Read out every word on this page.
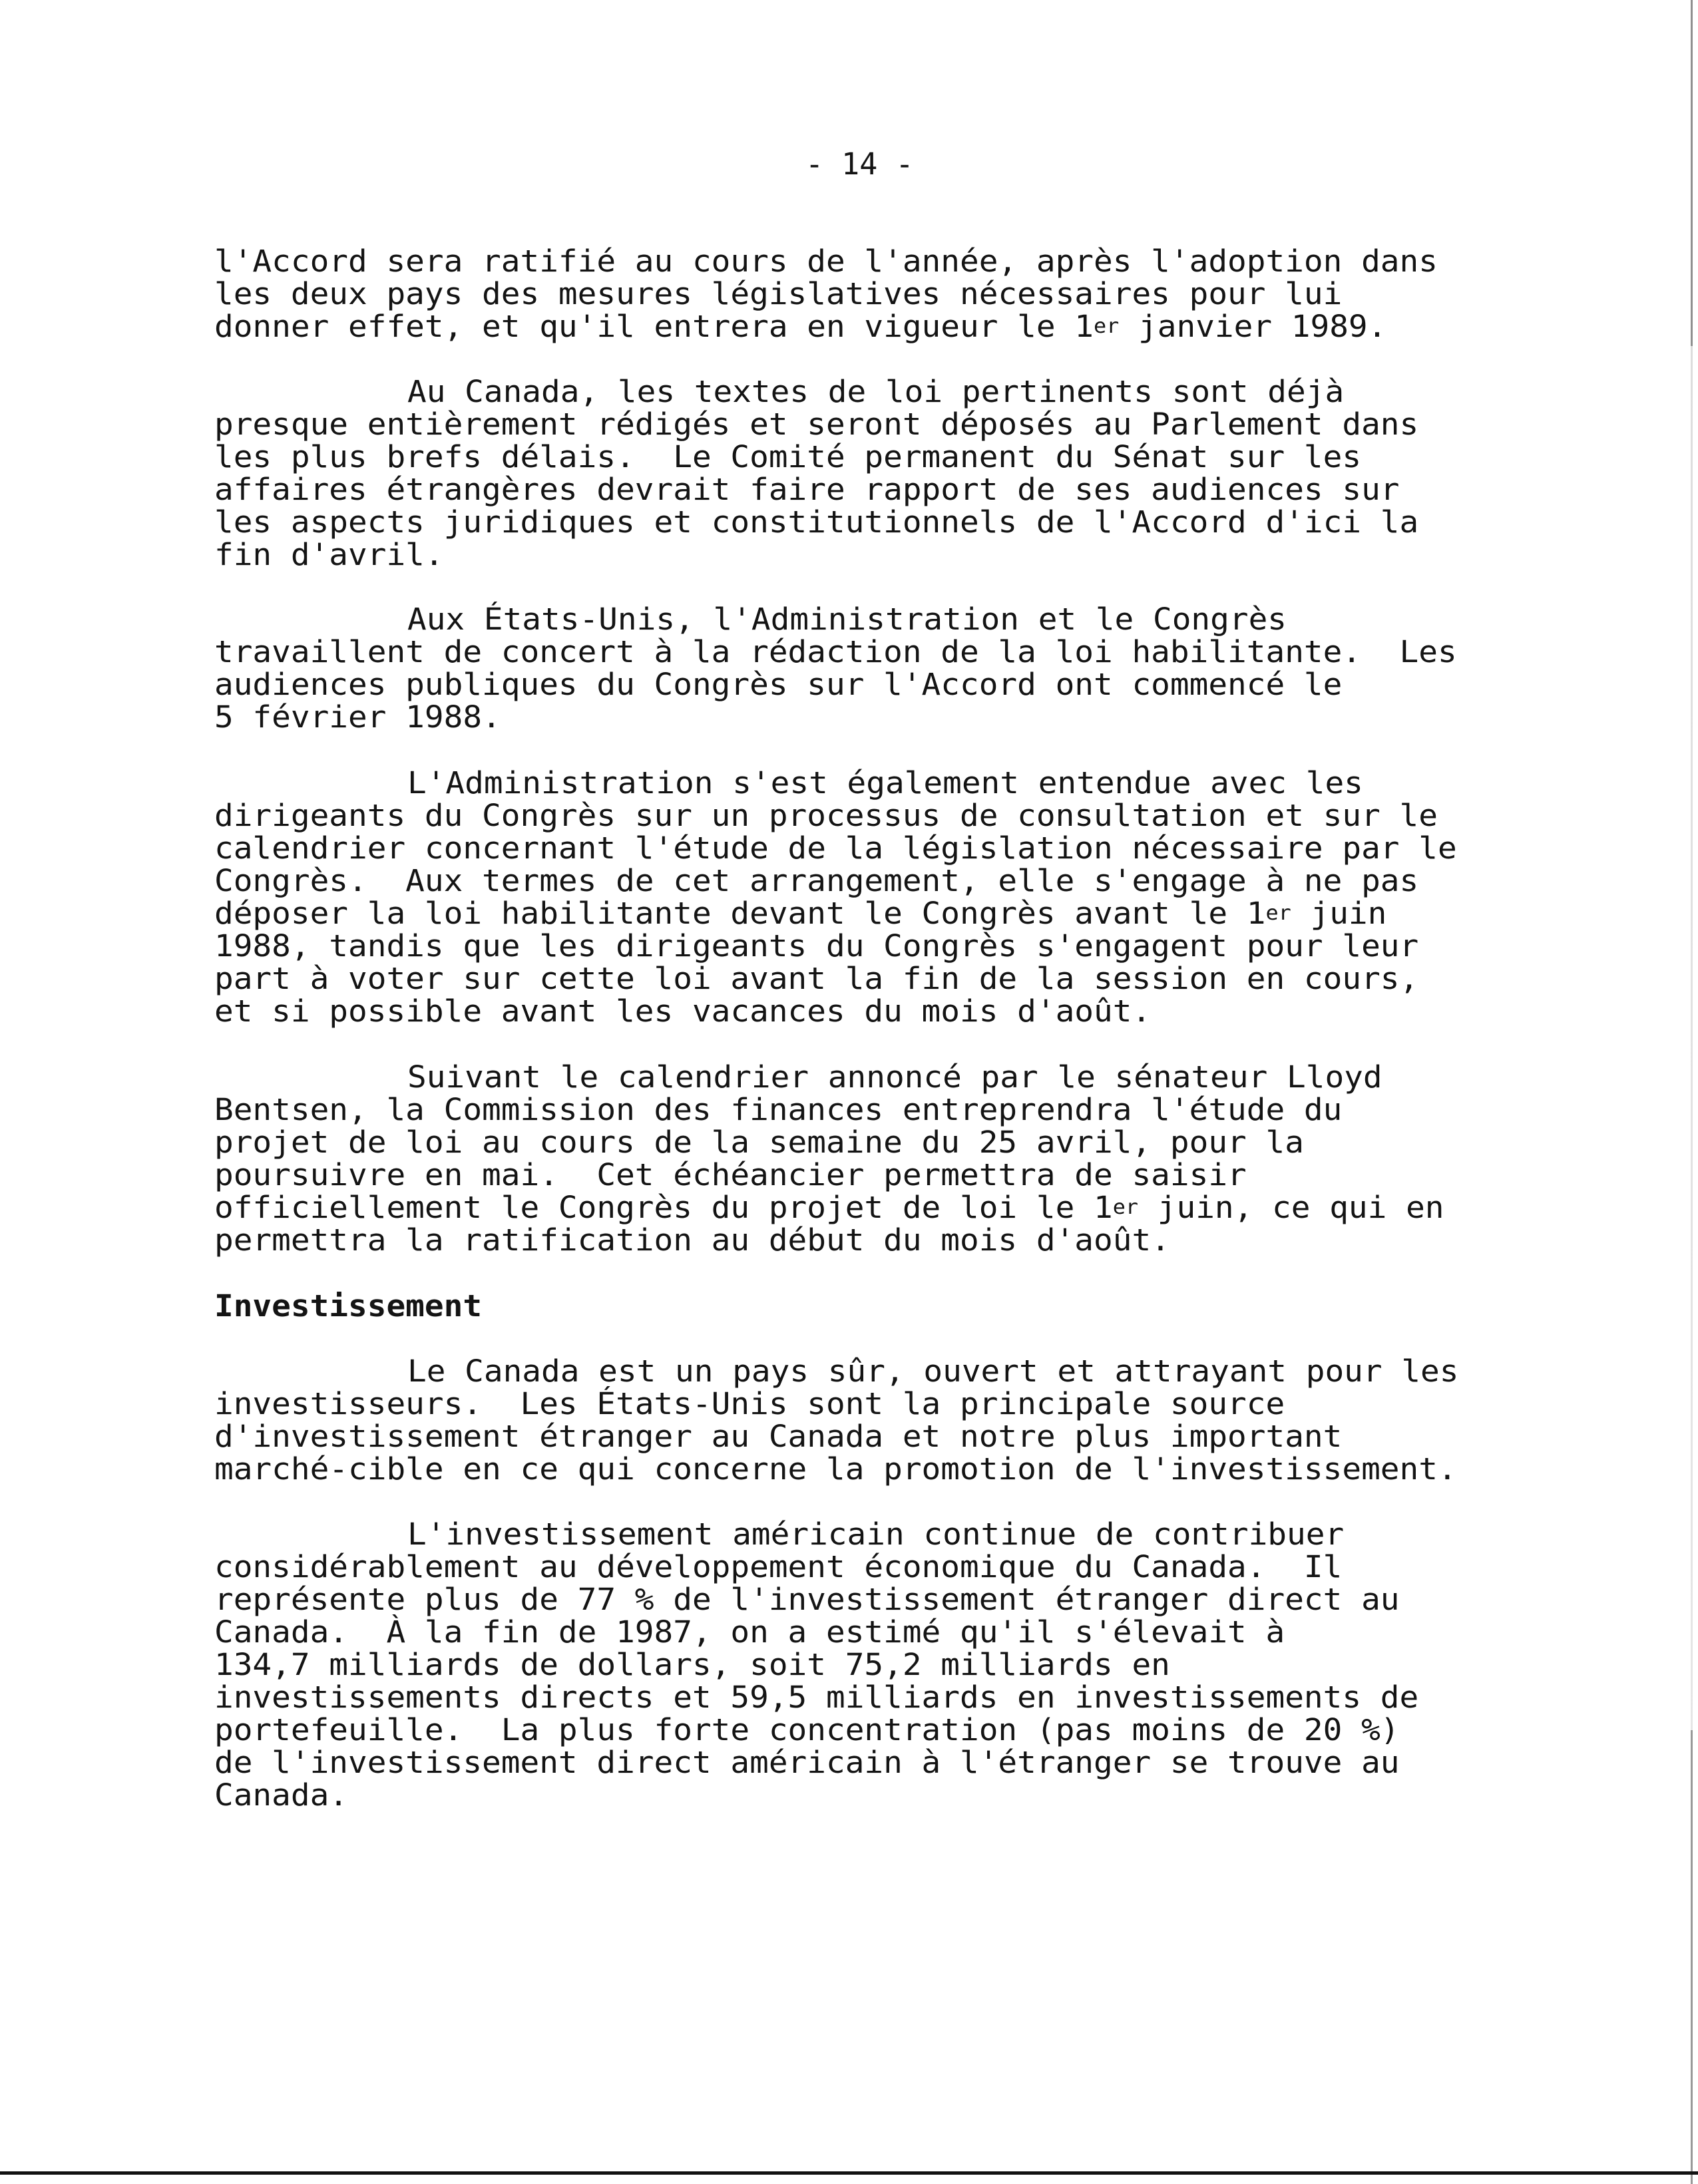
- 14 -
l'Accord sera ratifié au cours de l'année, après l'adoption dans
les deux pays des mesures législatives nécessaires pour lui
donner effet, et qu'il entrera en vigueur le 1er janvier 1989.
Au Canada, les textes de loi pertinents sont déjà
presque entièrement rédigés et seront déposés au Parlement dans
les plus brefs délais.  Le Comité permanent du Sénat sur les
affaires étrangères devrait faire rapport de ses audiences sur
les aspects juridiques et constitutionnels de l'Accord d'ici la
fin d'avril.
Aux États-Unis, l'Administration et le Congrès
travaillent de concert à la rédaction de la loi habilitante.  Les
audiences publiques du Congrès sur l'Accord ont commencé le
5 février 1988.
L'Administration s'est également entendue avec les
dirigeants du Congrès sur un processus de consultation et sur le
calendrier concernant l'étude de la législation nécessaire par le
Congrès.  Aux termes de cet arrangement, elle s'engage à ne pas
déposer la loi habilitante devant le Congrès avant le 1er juin
1988, tandis que les dirigeants du Congrès s'engagent pour leur
part à voter sur cette loi avant la fin de la session en cours,
et si possible avant les vacances du mois d'août.
Suivant le calendrier annoncé par le sénateur Lloyd
Bentsen, la Commission des finances entreprendra l'étude du
projet de loi au cours de la semaine du 25 avril, pour la
poursuivre en mai.  Cet échéancier permettra de saisir
officiellement le Congrès du projet de loi le 1er juin, ce qui en
permettra la ratification au début du mois d'août.
Investissement
Le Canada est un pays sûr, ouvert et attrayant pour les
investisseurs.  Les États-Unis sont la principale source
d'investissement étranger au Canada et notre plus important
marché-cible en ce qui concerne la promotion de l'investissement.
L'investissement américain continue de contribuer
considérablement au développement économique du Canada.  Il
représente plus de 77 % de l'investissement étranger direct au
Canada.  À la fin de 1987, on a estimé qu'il s'élevait à
134,7 milliards de dollars, soit 75,2 milliards en
investissements directs et 59,5 milliards en investissements de
portefeuille.  La plus forte concentration (pas moins de 20 %)
de l'investissement direct américain à l'étranger se trouve au
Canada.
